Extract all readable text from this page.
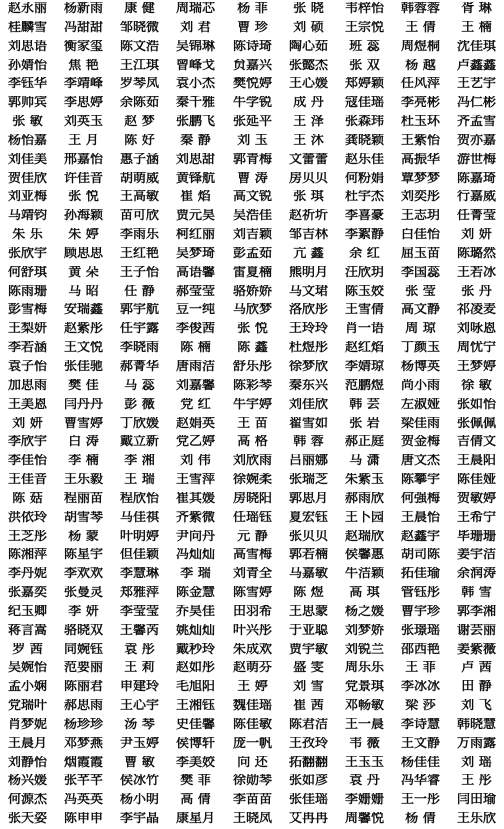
赵永丽	杨新雨	康 健	周瑞芯	杨 菲	张 晓	韦梓怡	韩蓉蓉	胥 琳
桂麟雪	冯甜甜	邹晓微	刘 君	曹 珍	刘 硕	王宗悦	王 倩	王 楠
刘思语	衡家玺	陈文浩	吴锦琳	陈诗琦	陶心茹	班 蕊	周煜桐	沈佳琪
孙婧怡	焦 艳	王江琪	曾峰戈	贠嘉兴	张懿杰	张 双	杨 越	卢鑫鑫
李钰华	李靖峰	罗琴凤	袁小杰	樊悦婷	王心媛	郑婷颖	任风萍	王艺宇
郭帅宾	李思婷	余陈茹	秦千雅	牛学锐	成 丹	寇佳瑶	李亮彬	冯仁彬
张 敏	刘英玉	赵 梦	张鹏飞	张延平	王 泽	张森玮	杜玉环	齐孟雪
杨怡嘉	王 月	陈 好	秦 静	刘 玉	王 沐	龚晓颖	王紫怡	贺亦嘉
刘佳美	邢嘉怡	惠子涵	刘思甜	郭青梅	文蕾蕾	赵乐佳	高振华	游世梅
贺佳欣	许佳音	胡萌威	黄锋航	曹 涛	房贝贝	何粉娟	覃梦梦	陈嘉琦
刘亚梅	张 悦	王高敏	崔 焰	高文锐	张 琪	杜宇杰	刘奕彤	行嘉威
马靖钧	孙海颖	苗可欣	贾元昊	吴浩佳	赵祈圻	李喜豪	王志玥	任菁莹
朱 乐	朱 婷	李雨乐	柯红丽	刘吉颖	邹吉林	李絮静	白佳怡	刘 妍
张欣宇	顾思思	王红艳	吴梦琦	彭孟茹	亢 鑫	余 红	屈玉苗	陈璐然
何舒琪	黄 朵	王子怡	高语馨	雷夏楠	熊明月	汪欣玥	李国蕊	王若冰
陈雨珊	马 昭	任 静	郝莹莹	骆娇娇	马文珺	陈玉姣	张 莹	张 丹
彭雪梅	安瑞鑫	郭宇航	豆一纯	马欣梦	洛欣彤	王雪倩	高文静	祁凌麦
王梨妍	赵紫彤	任宇露	李俊茜	张 悦	王玲玲	肖一语	周 琼	刘咏恩
李若涵	王文悦	李晓雨	陈 楠	陈 鑫	杜煜彤	赵红焰	丁颜玉	周忧宁
袁子怡	张佳驰	郝菁华	唐雨洁	舒乐彤	徐梦欣	李婧琼	杨博英	王梦婷
加思雨	樊 佳	马 蕊	刘嘉馨	陈彩琴	秦东兴	范鹏煜	尚小雨	徐 敏
王美恩	闫丹丹	彭 薇	党 红	牛宇婷	刘佳欣	韩 芸	左淑娅	张如怡
刘 妍	曹雪婷	丁欣媛	赵娟英	王 苗	翟雪如	张 岩	梁佳雨	张佩佩
李欣宇	白 涛	戴立新	党乙婷	高 格	韩 蓉	郝正庭	贺金梅	吉倩文
李佳怡	李 楠	李 湘	刘 伟	刘欣雨	吕丽娜	马 潇	唐文杰	王晨阳
王佳音	王乐毅	王 瑞	王雪萍	徐婉柔	张瑞芝	朱紫玉	陈攀宇	陈佳娅
陈 菇	程丽苗	程欣怡	崔其媛	房晓阳	郭思月	郝雨欣	何强梅	贺敏婷
洪依玲	胡雪琴	马佳祺	齐紫微	任瑶钰	夏宏钰	王卜园	王晨怡	王希宁
王芝彤	杨 蒙	叶明婷	尹向丹	元 静	张贝贝	赵瑞欣	赵鑫宇	毕珊珊
陈湘萍	陈星宇	但佳颖	冯灿灿	高雪梅	郭若楠	侯馨惠	胡司陈	姜宇洁
李丹妮	李欢欢	李慧琳	李 瑞	刘青全	马嘉敏	牛洁颖	拓佳瑜	余润涛
张嘉奕	张曼灵	郑雅萍	陈金慧	陈雪婷	陈 煜	高 琪	管钰彤	韩 雪
纪玉卿	李 妍	李莹莹	乔昊佳	田羽希	王思蒙	杨之媛	曹宇珍	郭李湘
蒋言嵩	骆晓双	王馨芮	姚灿灿	叶兴彤	于亚聪	刘梦娇	张璟瑶	谢芸丽
罗 茜	同婉钰	袁 彤	戴秒玲	朱成欢	贾宇敏	刘锐兰	邵西艳	姜紫薇
吴婉怡	范要丽	王 莉	赵如彤	赵萌芬	盛 雯	周乐乐	王 菲	卢 茜
孟小娴	陈丽君	申建玲	毛旭阳	王 婷	刘 雪	党景琪	李冰冰	田 静
党瑞叶	郝思雨	王心宇	王湘钰	魏佳瑶	崔 茜	邓畅敏	梁 莎	刘 飞
肖梦妮	杨珍珍	汤 琴	史佳馨	陈佳敏	陈君洁	王一晨	李诗慧	韩晓慧
王晨月	邓梦燕	尹玉婷	侯博轩	庞一帆	王孜玲	韦 薇	王文静	万雨露
刘静怡	烟霞霞	曹 敏	李美姣	向 还	拓翻翻	王玉玉	杨佳佳	刘 瑶
杨兴媛	张芊芊	侯冰竹	樊 菲	徐勋琴	张如彦	袁 丹	冯华睿	王 彤
何源杰	冯英英	杨小明	高 倩	李苗苗	张佳瑶	李姗姗	王一彤	闫田瑜
张天姿	陈申申	李宇晶	康星月	王晓凤	艾冉冉	周馨悦	杨 倩	王乐欣
